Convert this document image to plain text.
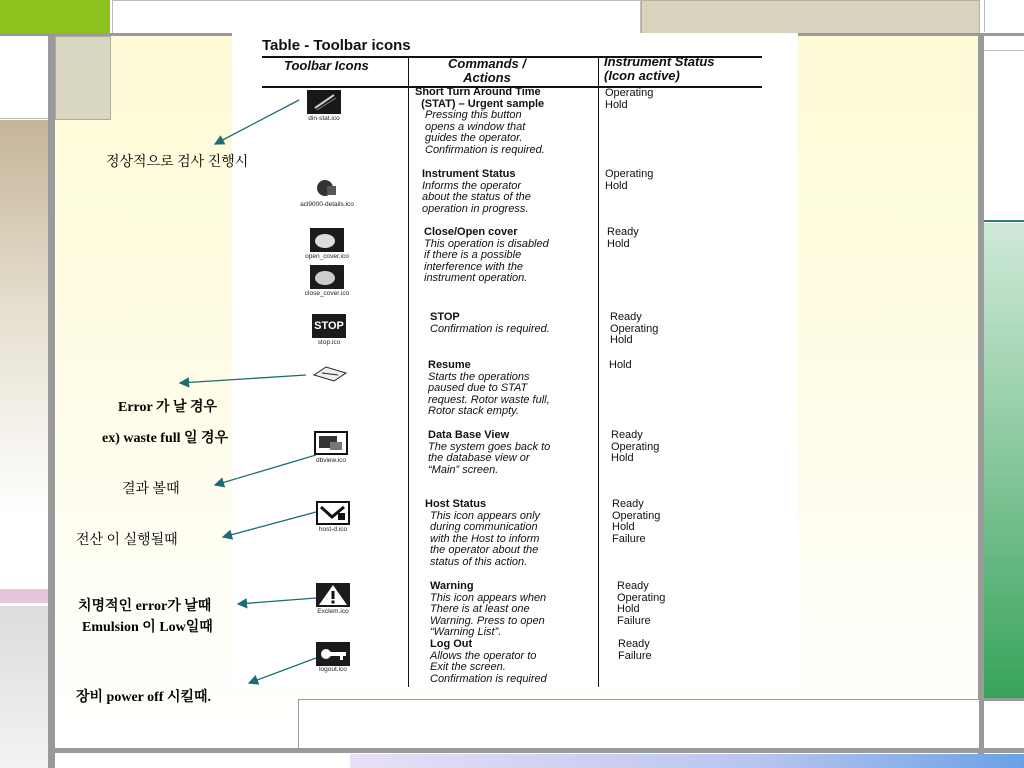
Table - Toolbar icons
Toolbar Icons	Commands /
Actions
Instrument Status
(Icon active)
din-stat.ico
Short Turn Around Time
(STAT) – Urgent sample
Pressing this button
opens a window that
guides the operator.
Confirmation is required.
Operating
Hold
acl9000-details.ico
Instrument Status
Informs the operator
about the status of the
operation in progress.
Operating
Hold
open_cover.ico
close_cover.ico
Close/Open cover
This operation is disabled
if there is a possible
interference with the
instrument operation.
Ready
Hold
STOP
stop.ico
STOP
Confirmation is required.
Ready
Operating
Hold
Resume
Starts the operations
paused due to STAT
request. Rotor waste full,
Rotor stack empty.
Hold
dbview.ico
Data Base View
The system goes back to
the database view or
“Main” screen.
Ready
Operating
Hold
host-d.ico
Host Status
This icon appears only
during communication
with the Host to inform
the operator about the
status of this action.
Ready
Operating
Hold
Failure
Exclem.ico
Warning
This icon appears when
There is at least one
Warning. Press to open
“Warning List”.
Ready
Operating
Hold
Failure
logout.ico
Log Out
Allows the operator to
Exit the screen.
Confirmation is required
Ready
Failure
정상적으로 검사 진행시
Error 가 날 경우
ex) waste full 일 경우
결과 볼때
전산 이 실행될때
치명적인 error가 날때
Emulsion 이 Low일때
장비 power off 시킬때.
